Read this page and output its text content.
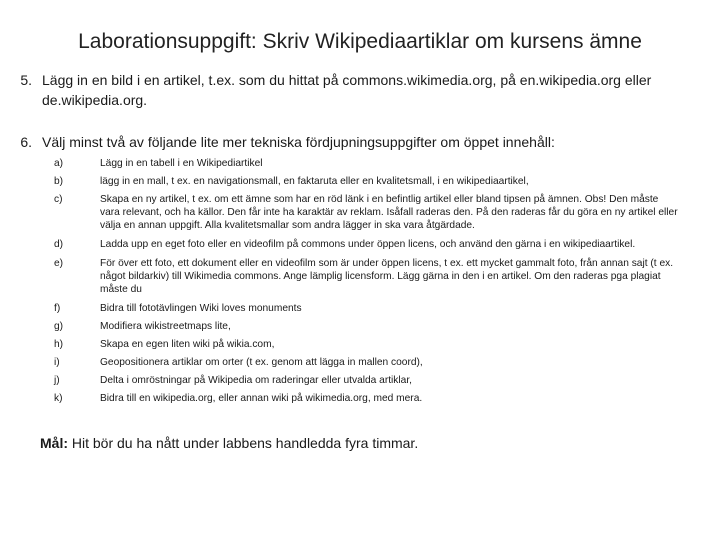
Laborationsuppgift: Skriv Wikipediaartiklar om kursens ämne
5. Lägg in en bild i en artikel, t.ex. som du hittat på commons.wikimedia.org, på en.wikipedia.org eller de.wikipedia.org.
6. Välj minst två av följande lite mer tekniska fördjupningsuppgifter om öppet innehåll:
a)	Lägg in en tabell i en Wikipediartikel
b)	lägg in en mall, t ex. en navigationsmall, en faktaruta eller en kvalitetsmall, i en wikipediaartikel,
c)	Skapa en ny artikel, t ex. om ett ämne som har en röd länk i en befintlig artikel eller bland tipsen på ämnen. Obs! Den måste vara relevant, och ha källor. Den får inte ha karaktär av reklam. Isåfall raderas den. På den raderas får du göra en ny artikel eller välja en annan uppgift. Alla kvalitetsmallar som andra lägger in ska vara åtgärdade.
d)	Ladda upp en eget foto eller en videofilm på commons under öppen licens, och använd den gärna i en wikipediaartikel.
e)	För över ett foto, ett dokument eller en videofilm som är under öppen licens, t ex. ett mycket gammalt foto, från annan sajt (t ex. något bildarkiv) till Wikimedia commons. Ange lämplig licensform. Lägg gärna in den i en artikel. Om den raderas pga plagiat måste du
f)	Bidra till fototävlingen Wiki loves monuments
g)	Modifiera wikistreetmaps lite,
h)	Skapa en egen liten wiki på wikia.com,
i)	Geopositionera artiklar om orter (t ex. genom att lägga in mallen coord),
j)	Delta i omröstningar på Wikipedia om raderingar eller utvalda artiklar,
k)	Bidra till en wikipedia.org, eller annan wiki på wikimedia.org, med mera.
Mål: Hit bör du ha nått under labbens handledda fyra timmar.
